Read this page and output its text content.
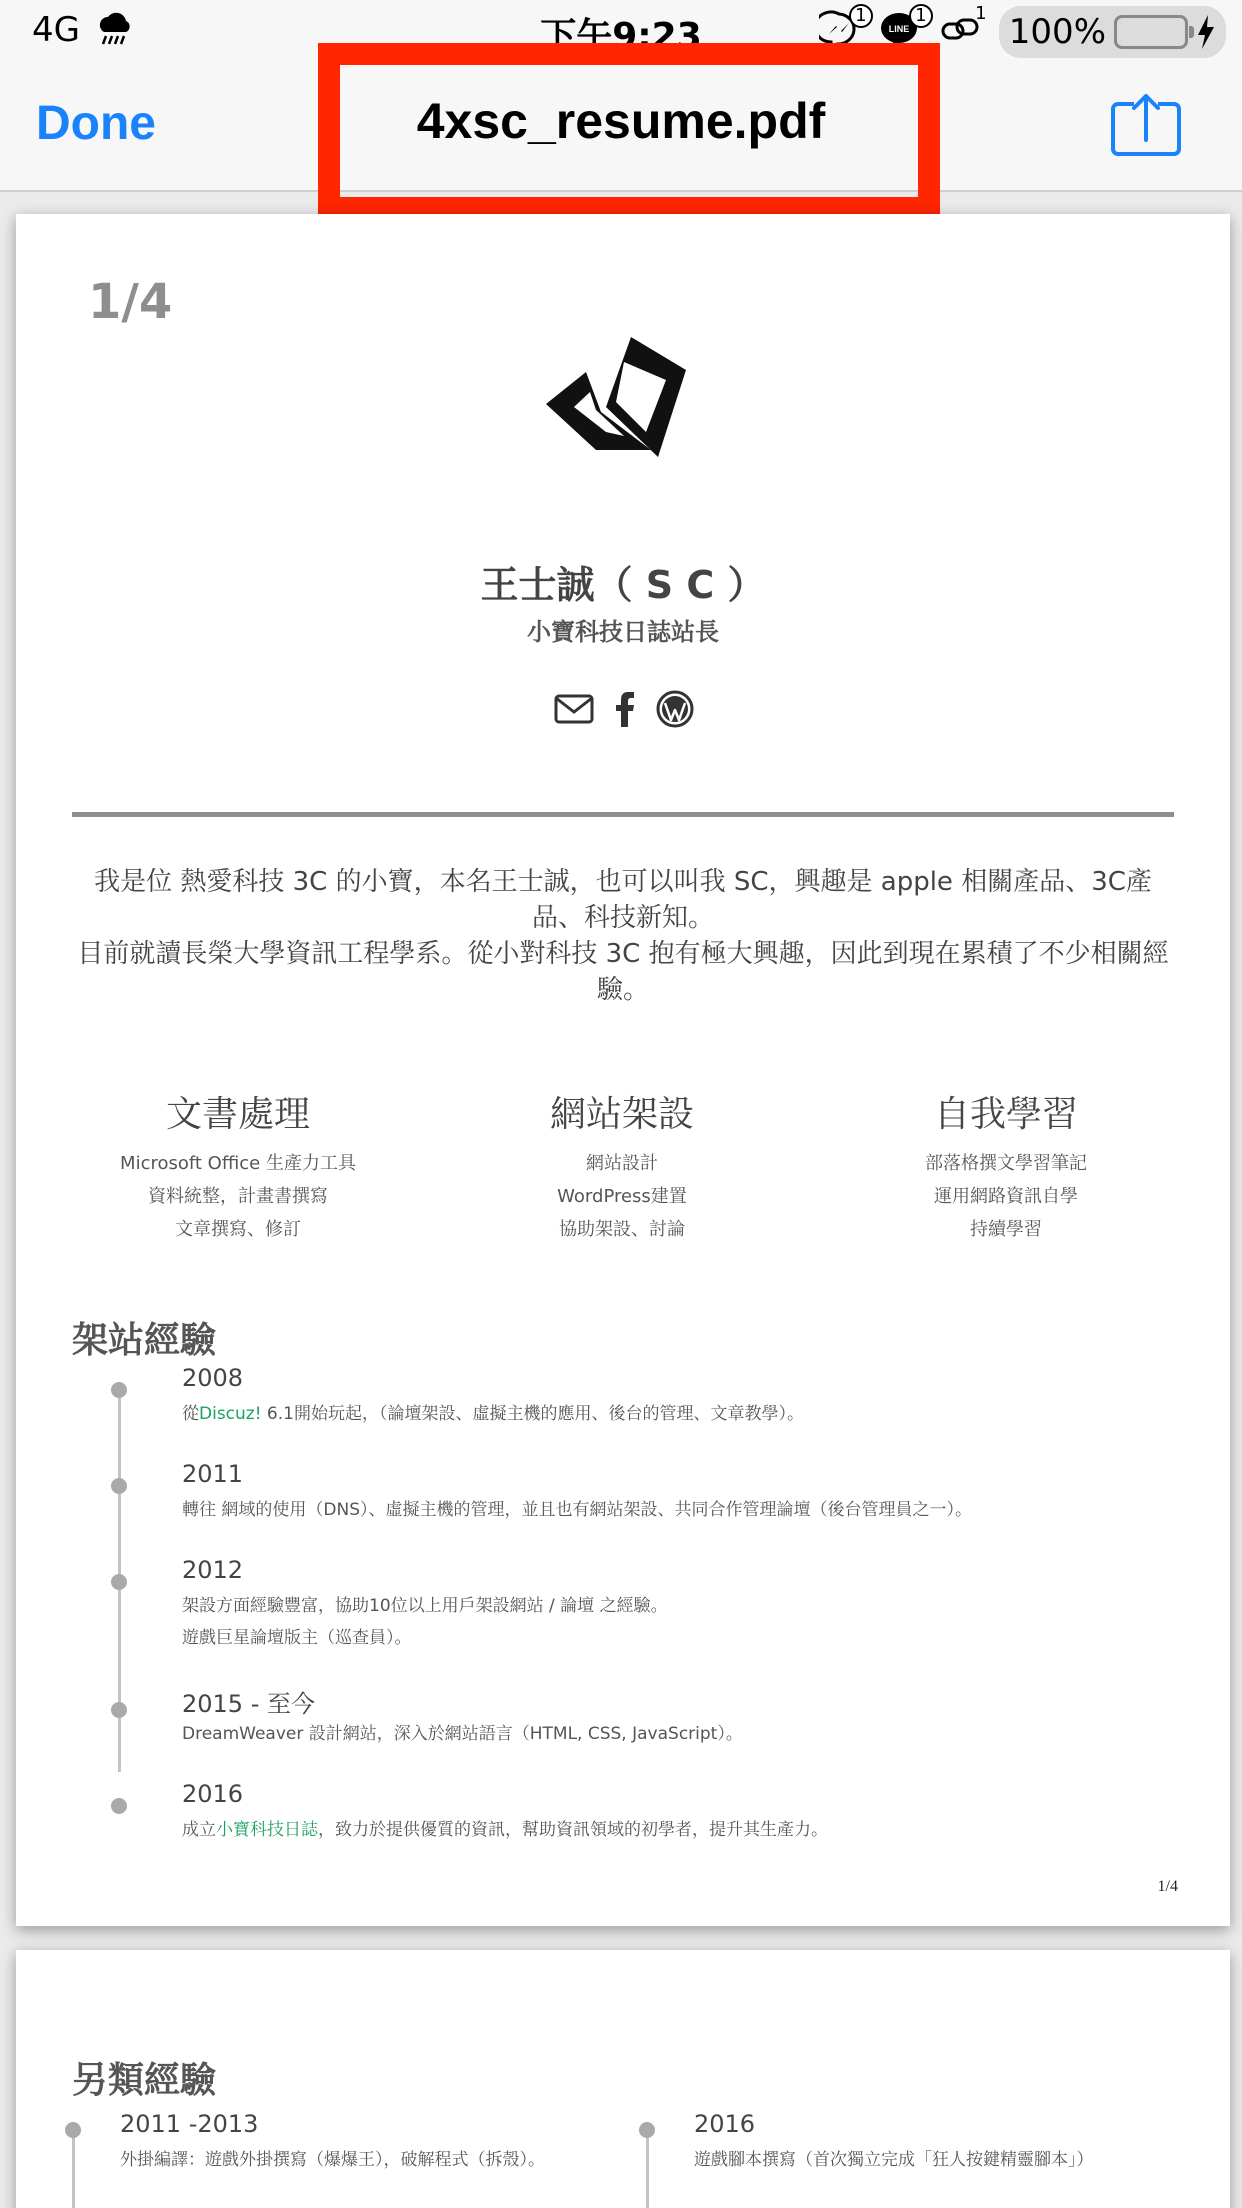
4G	下午9:23
1
LINE
1	1 100%
Done	4xsc_resume.pdf
1/4
王士誠（ S C ）
小寶科技日誌站長

我是位 熱愛科技 3C 的小寶，本名王士誠，也可以叫我 SC，興趣是 apple 相關產品、3C產品、科技新知。

目前就讀長榮大學資訊工程學系。從小對科技 3C 抱有極大興趣，因此到現在累積了不少相關經驗。

文書處理
Microsoft Office 生產力工具
資料統整，計畫書撰寫
文章撰寫、修訂
網站架設
網站設計
WordPress建置
協助架設、討論
自我學習
部落格撰文學習筆記
運用網路資訊自學
持續學習
架站經驗
2008
從Discuz! 6.1開始玩起，（論壇架設、虛擬主機的應用、後台的管理、文章教學）。
2011
轉往 網域的使用（DNS）、虛擬主機的管理，並且也有網站架設、共同合作管理論壇（後台管理員之一）。
2012
架設方面經驗豐富，協助10位以上用戶架設網站 / 論壇 之經驗。
遊戲巨星論壇版主（巡查員）。
2015 - 至今
DreamWeaver 設計網站，深入於網站語言（HTML, CSS, JavaScript）。
2016
成立小寶科技日誌，致力於提供優質的資訊，幫助資訊領域的初學者，提升其生產力。
1/4
另類經驗
2011 -2013
外掛編譯：遊戲外掛撰寫（爆爆王），破解程式（拆殼）。
2016
遊戲腳本撰寫（首次獨立完成「狂人按鍵精靈腳本」）
